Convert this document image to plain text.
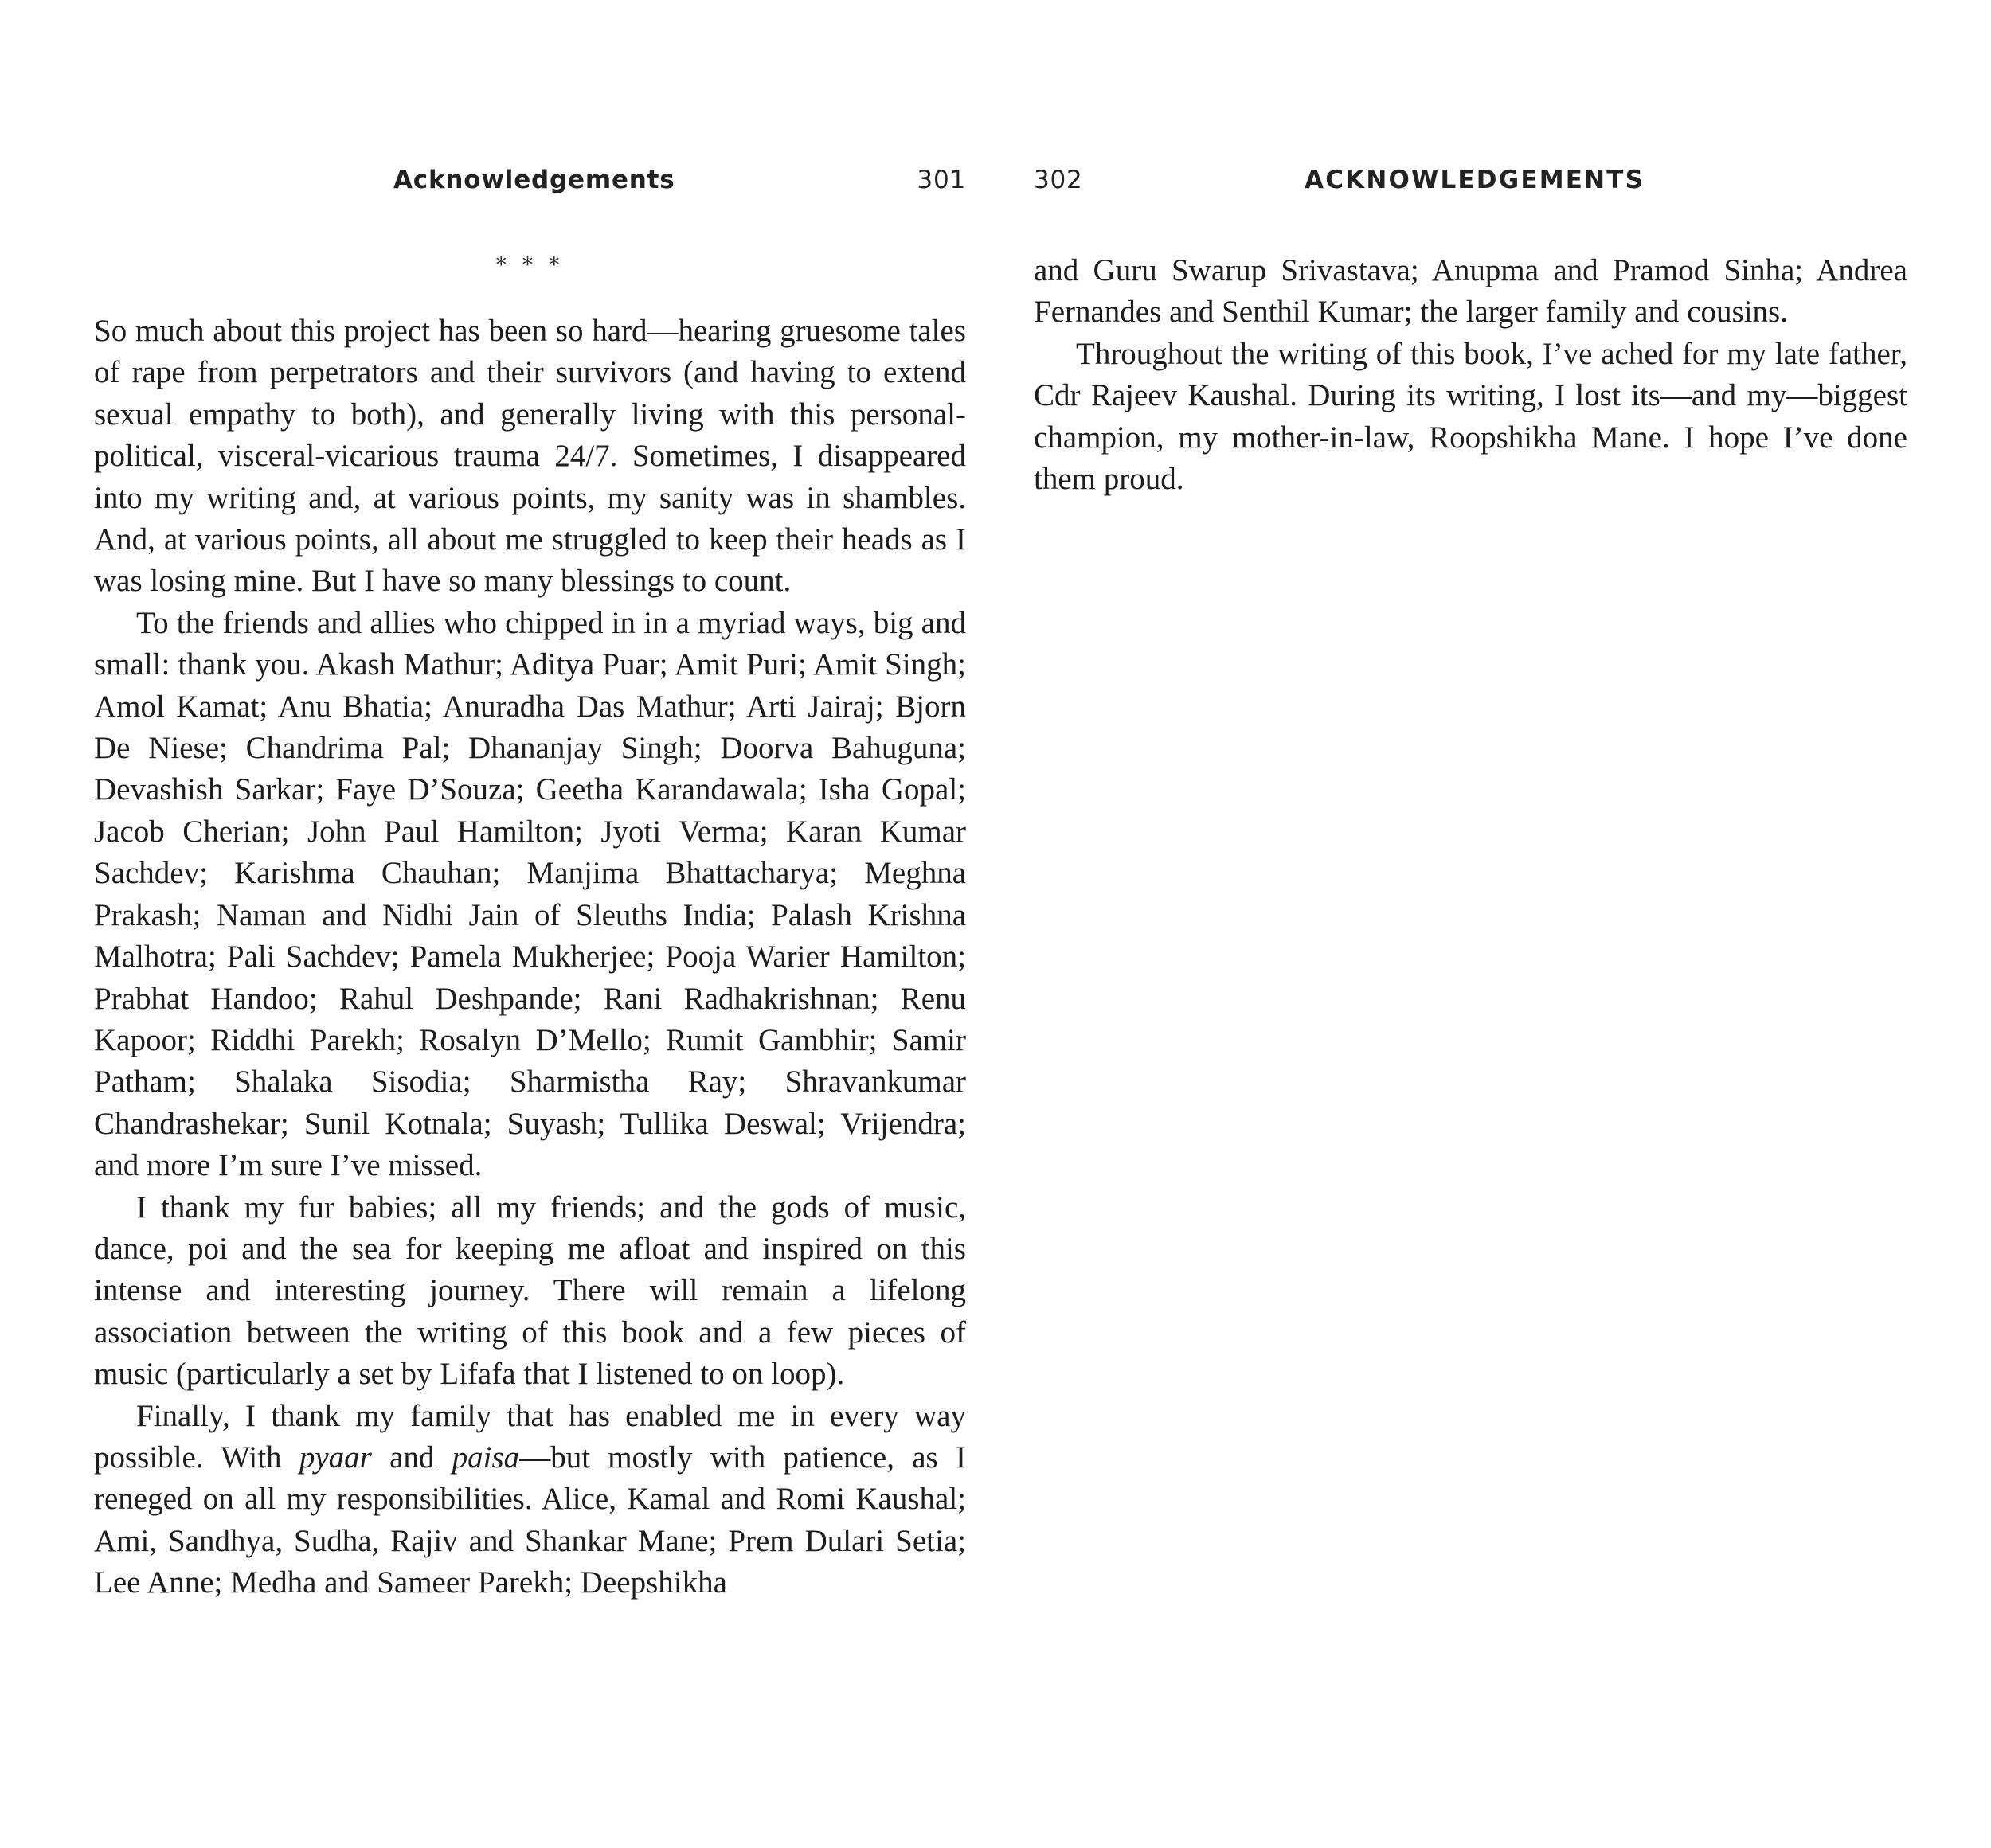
Acknowledgements	301
* * *

So much about this project has been so hard—hearing gruesome tales of rape from perpetrators and their survivors (and having to extend sexual empathy to both), and generally living with this personal-political, visceral-vicarious trauma 24/7. Sometimes, I disappeared into my writing and, at various points, my sanity was in shambles. And, at various points, all about me struggled to keep their heads as I was losing mine. But I have so many blessings to count.

To the friends and allies who chipped in in a myriad ways, big and small: thank you. Akash Mathur; Aditya Puar; Amit Puri; Amit Singh; Amol Kamat; Anu Bhatia; Anuradha Das Mathur; Arti Jairaj; Bjorn De Niese; Chandrima Pal; Dhananjay Singh; Doorva Bahuguna; Devashish Sarkar; Faye D’Souza; Geetha Karandawala; Isha Gopal; Jacob Cherian; John Paul Hamilton; Jyoti Verma; Karan Kumar Sachdev; Karishma Chauhan; Manjima Bhattacharya; Meghna Prakash; Naman and Nidhi Jain of Sleuths India; Palash Krishna Malhotra; Pali Sachdev; Pamela Mukherjee; Pooja Warier Hamilton; Prabhat Handoo; Rahul Deshpande; Rani Radhakrishnan; Renu Kapoor; Riddhi Parekh; Rosalyn D’Mello; Rumit Gambhir; Samir Patham; Shalaka Sisodia; Sharmistha Ray; Shravankumar Chandrashekar; Sunil Kotnala; Suyash; Tullika Deswal; Vrijendra; and more I’m sure I’ve missed.

I thank my fur babies; all my friends; and the gods of music, dance, poi and the sea for keeping me afloat and inspired on this intense and interesting journey. There will remain a lifelong association between the writing of this book and a few pieces of music (particularly a set by Lifafa that I listened to on loop).

Finally, I thank my family that has enabled me in every way possible. With pyaar and paisa—but mostly with patience, as I reneged on all my responsibilities. Alice, Kamal and Romi Kaushal; Ami, Sandhya, Sudha, Rajiv and Shankar Mane; Prem Dulari Setia; Lee Anne; Medha and Sameer Parekh; Deepshikha

302	ACKNOWLEDGEMENTS

and Guru Swarup Srivastava; Anupma and Pramod Sinha; Andrea Fernandes and Senthil Kumar; the larger family and cousins.

Throughout the writing of this book, I’ve ached for my late father, Cdr Rajeev Kaushal. During its writing, I lost its—and my—biggest champion, my mother-in-law, Roopshikha Mane. I hope I’ve done them proud.
